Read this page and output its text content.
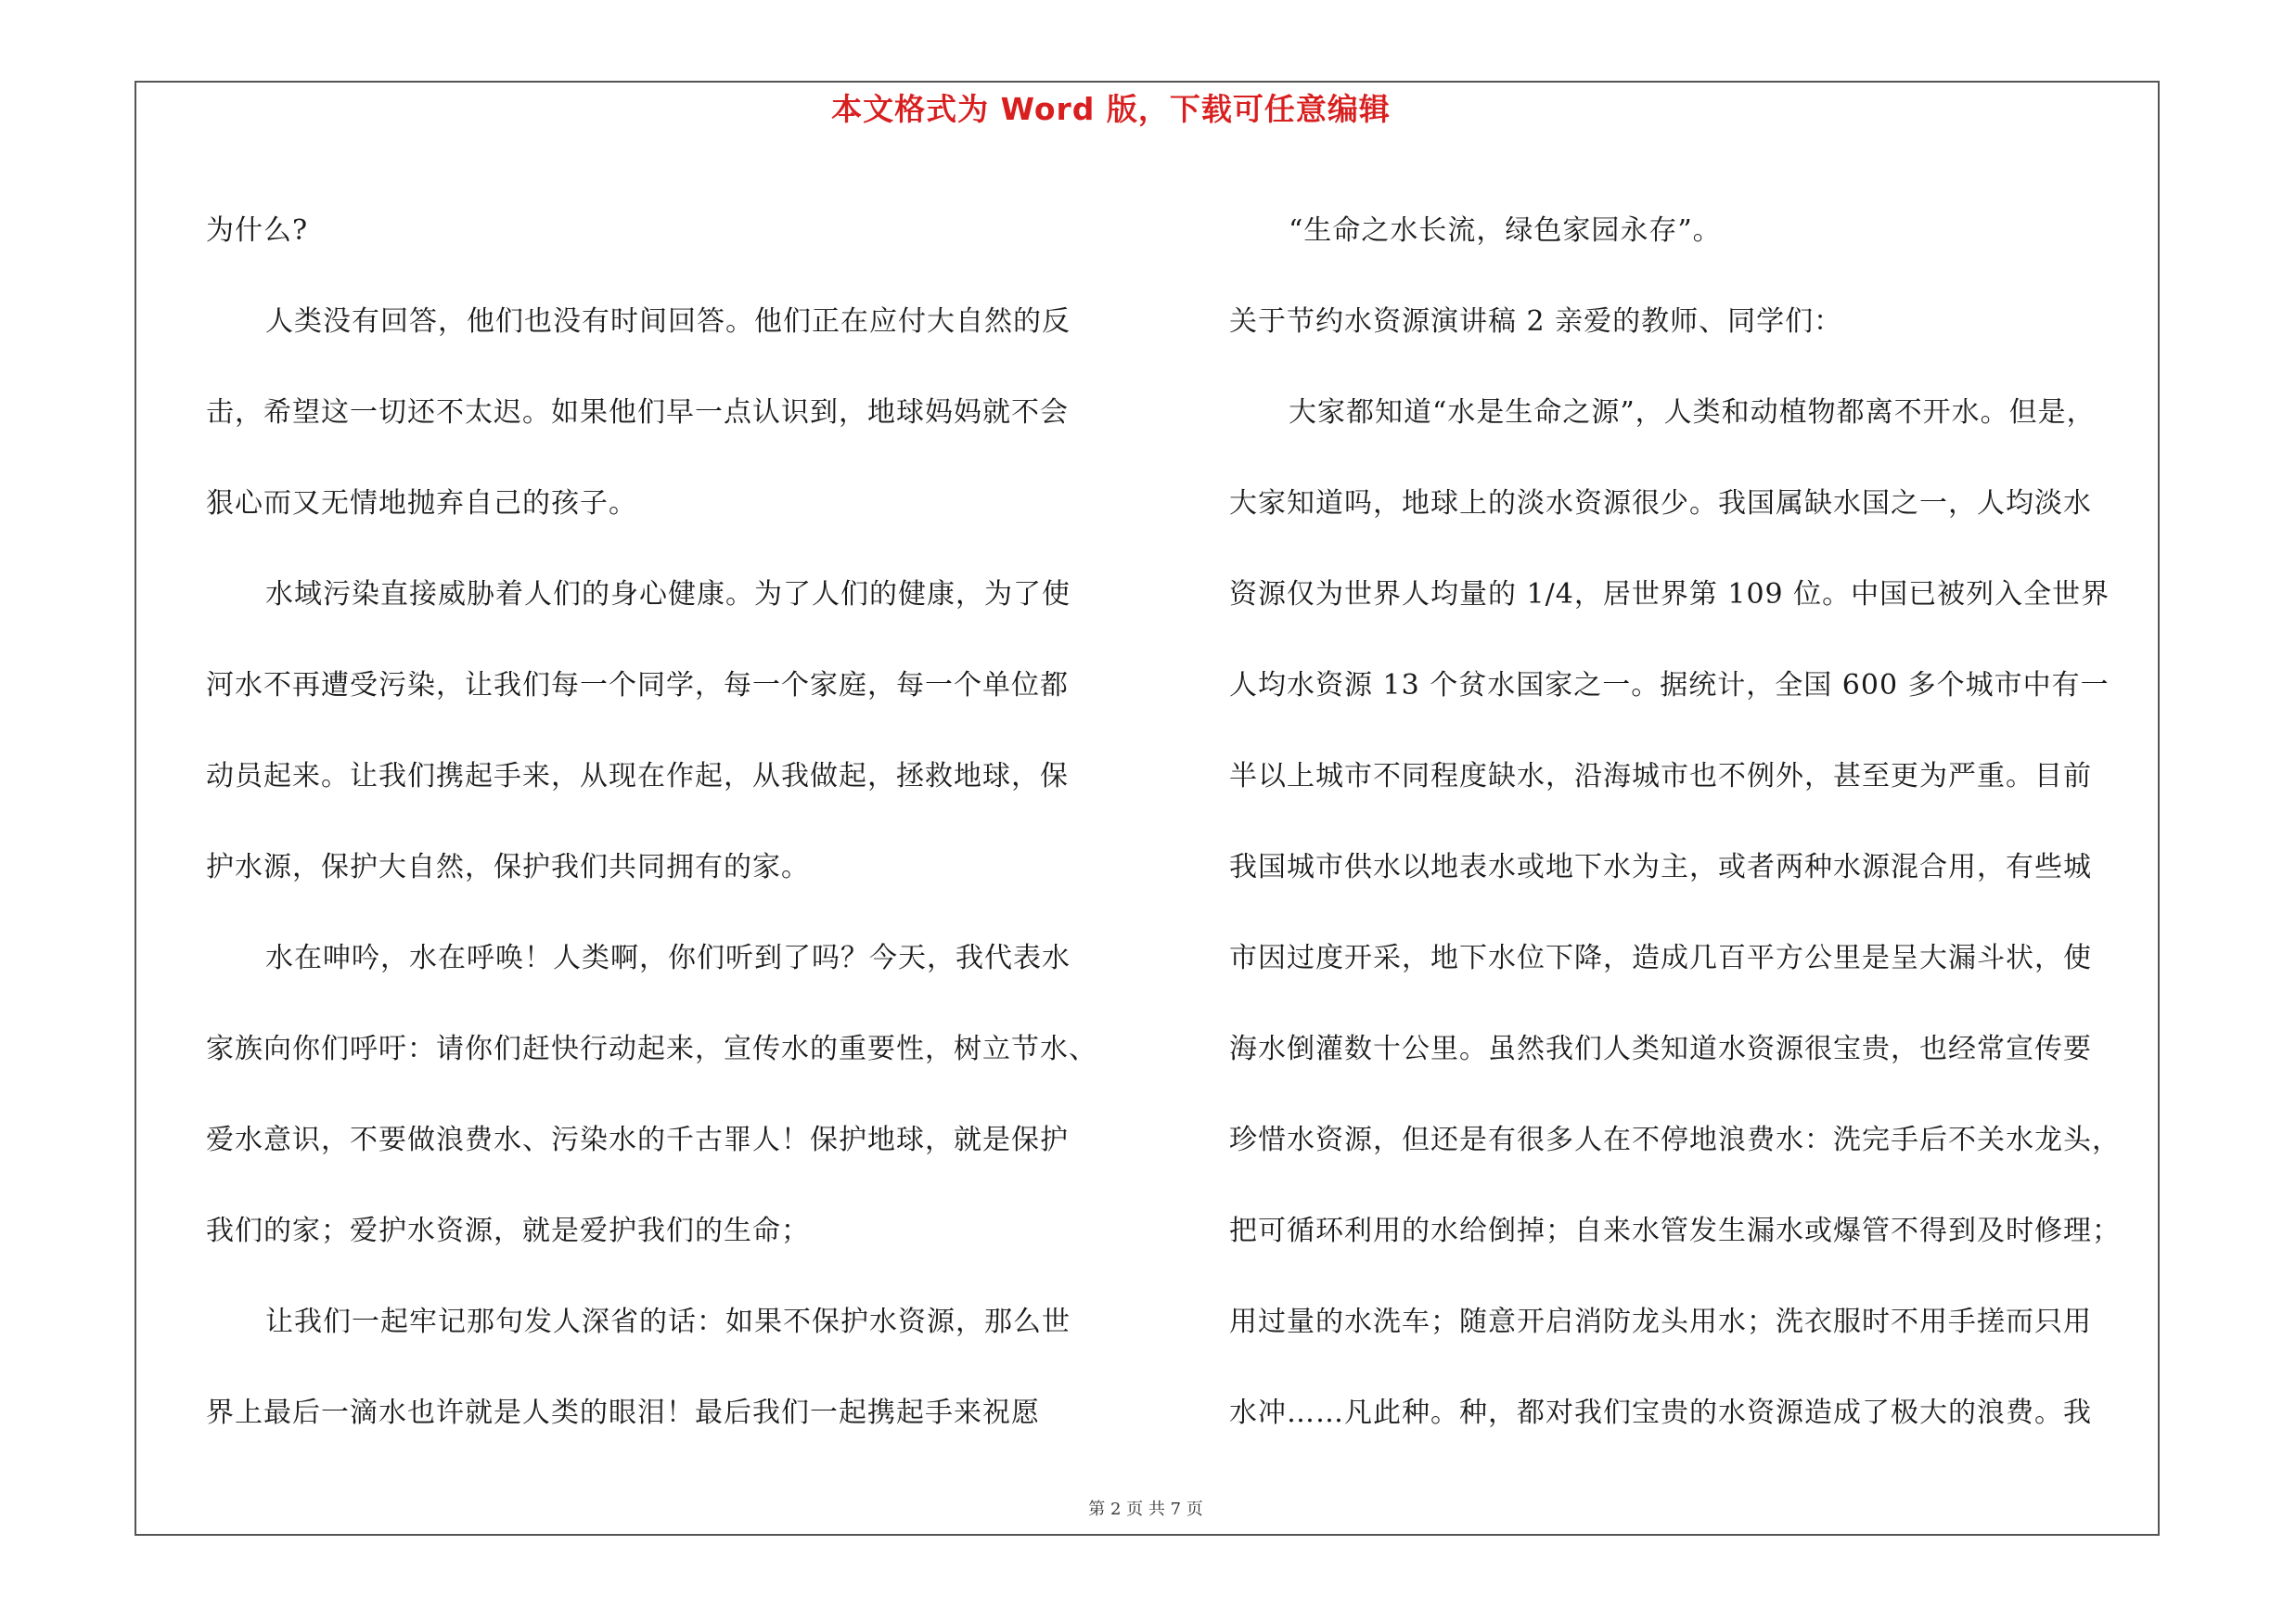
本文格式为 Word 版，下载可任意编辑
为什么?
人类没有回答，他们也没有时间回答。他们正在应付大自然的反
击，希望这一切还不太迟。如果他们早一点认识到，地球妈妈就不会
狠心而又无情地抛弃自己的孩子。
水域污染直接威胁着人们的身心健康。为了人们的健康，为了使
河水不再遭受污染，让我们每一个同学，每一个家庭，每一个单位都
动员起来。让我们携起手来，从现在作起，从我做起，拯救地球，保
护水源，保护大自然，保护我们共同拥有的家。
水在呻吟，水在呼唤！人类啊，你们听到了吗？今天，我代表水
家族向你们呼吁：请你们赶快行动起来，宣传水的重要性，树立节水、
爱水意识，不要做浪费水、污染水的千古罪人！保护地球，就是保护
我们的家；爱护水资源，就是爱护我们的生命；
让我们一起牢记那句发人深省的话：如果不保护水资源，那么世
界上最后一滴水也许就是人类的眼泪！最后我们一起携起手来祝愿
“生命之水长流，绿色家园永存”。
关于节约水资源演讲稿 2 亲爱的教师、同学们：
大家都知道“水是生命之源”，人类和动植物都离不开水。但是，
大家知道吗，地球上的淡水资源很少。我国属缺水国之一，人均淡水
资源仅为世界人均量的 1/4，居世界第 109 位。中国已被列入全世界
人均水资源 13 个贫水国家之一。据统计，全国 600 多个城市中有一
半以上城市不同程度缺水，沿海城市也不例外，甚至更为严重。目前
我国城市供水以地表水或地下水为主，或者两种水源混合用，有些城
市因过度开采，地下水位下降，造成几百平方公里是呈大漏斗状，使
海水倒灌数十公里。虽然我们人类知道水资源很宝贵，也经常宣传要
珍惜水资源，但还是有很多人在不停地浪费水：洗完手后不关水龙头，
把可循环利用的水给倒掉；自来水管发生漏水或爆管不得到及时修理；
用过量的水洗车；随意开启消防龙头用水；洗衣服时不用手搓而只用
水冲……凡此种。种，都对我们宝贵的水资源造成了极大的浪费。我
第 2 页 共 7 页
